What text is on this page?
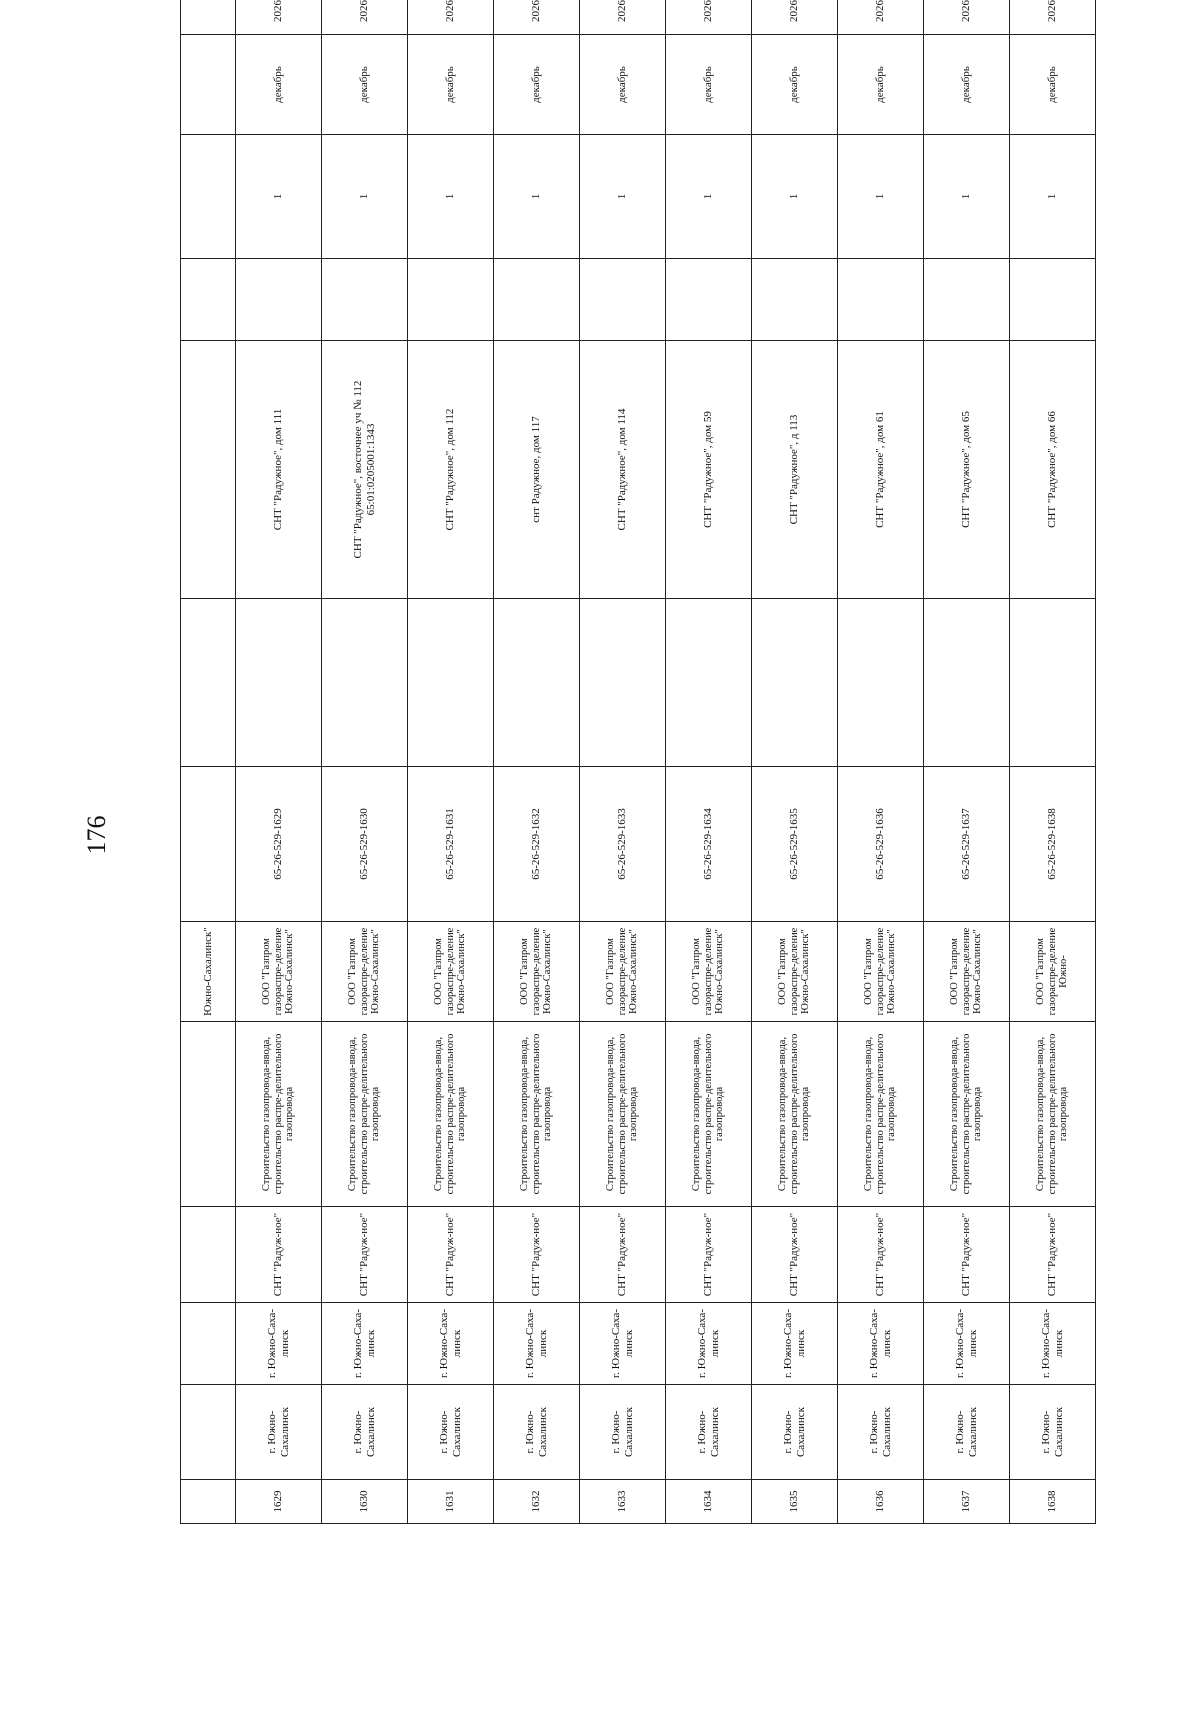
176
					Южно-Сахалинск"							
1629	г. Южно-Сахалинск	г. Южно-Саха-линск	СНТ "Радуж-ное"	Строительство газопровода-ввода, строительство распре-делительного газопровода	ООО "Газпром газораспре-деление Южно-Сахалинск"	65-26-529-1629		СНТ "Радужное", дом 111		1	декабрь	2026
1630	г. Южно-Сахалинск	г. Южно-Саха-линск	СНТ "Радуж-ное"	Строительство газопровода-ввода, строительство распре-делительного газопровода	ООО "Газпром газораспре-деление Южно-Сахалинск"	65-26-529-1630		СНТ "Радужное", восточнее уч № 112 65:01:0205001:1343		1	декабрь	2026
1631	г. Южно-Сахалинск	г. Южно-Саха-линск	СНТ "Радуж-ное"	Строительство газопровода-ввода, строительство распре-делительного газопровода	ООО "Газпром газораспре-деление Южно-Сахалинск"	65-26-529-1631		СНТ "Радужное", дом 112		1	декабрь	2026
1632	г. Южно-Сахалинск	г. Южно-Саха-линск	СНТ "Радуж-ное"	Строительство газопровода-ввода, строительство распре-делительного газопровода	ООО "Газпром газораспре-деление Южно-Сахалинск"	65-26-529-1632		снт Радужное, дом 117		1	декабрь	2026
1633	г. Южно-Сахалинск	г. Южно-Саха-линск	СНТ "Радуж-ное"	Строительство газопровода-ввода, строительство распре-делительного газопровода	ООО "Газпром газораспре-деление Южно-Сахалинск"	65-26-529-1633		СНТ "Радужное", дом 114		1	декабрь	2026
1634	г. Южно-Сахалинск	г. Южно-Саха-линск	СНТ "Радуж-ное"	Строительство газопровода-ввода, строительство распре-делительного газопровода	ООО "Газпром газораспре-деление Южно-Сахалинск"	65-26-529-1634		СНТ "Радужное", дом 59		1	декабрь	2026
1635	г. Южно-Сахалинск	г. Южно-Саха-линск	СНТ "Радуж-ное"	Строительство газопровода-ввода, строительство распре-делительного газопровода	ООО "Газпром газораспре-деление Южно-Сахалинск"	65-26-529-1635		СНТ "Радужное", д 113		1	декабрь	2026
1636	г. Южно-Сахалинск	г. Южно-Саха-линск	СНТ "Радуж-ное"	Строительство газопровода-ввода, строительство распре-делительного газопровода	ООО "Газпром газораспре-деление Южно-Сахалинск"	65-26-529-1636		СНТ "Радужное", дом 61		1	декабрь	2026
1637	г. Южно-Сахалинск	г. Южно-Саха-линск	СНТ "Радуж-ное"	Строительство газопровода-ввода, строительство распре-делительного газопровода	ООО "Газпром газораспре-деление Южно-Сахалинск"	65-26-529-1637		СНТ "Радужное", дом 65		1	декабрь	2026
1638	г. Южно-Сахалинск	г. Южно-Саха-линск	СНТ "Радуж-ное"	Строительство газопровода-ввода, строительство распре-делительного газопровода	ООО "Газпром газораспре-деление Южно-	65-26-529-1638		СНТ "Радужное", дом 66		1	декабрь	2026
